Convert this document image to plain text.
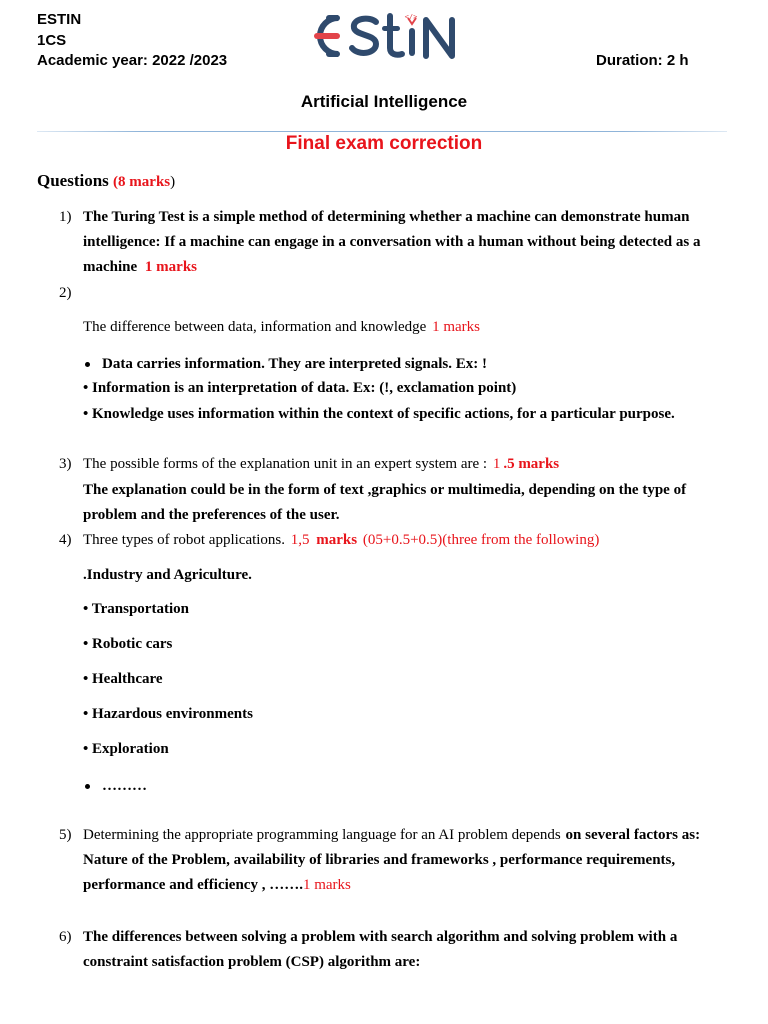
ESTIN
1CS
Academic year: 2022 /2023	Duration: 2 h
</>
Artificial Intelligence
Final exam correction
Questions (8 marks)
1) The Turing Test is a simple method of determining whether a machine can demonstrate human
intelligence: If a machine can engage in a conversation with a human without being detected as a
machine 1 marks
2)
The difference between data, information and knowledge 1 marks
Data carries information. They are interpreted signals. Ex: !
• Information is an interpretation of data. Ex: (!, exclamation point)
• Knowledge uses information within the context of specific actions, for a particular purpose.
3) The possible forms of the explanation unit in an expert system are : 1 .5 marks
The explanation could be in the form of text ,graphics or multimedia, depending on the type of
problem and the preferences of the user.
4) Three types of robot applications. 1,5 marks (05+0.5+0.5)(three from the following)
.Industry and Agriculture.
• Transportation
• Robotic cars
• Healthcare
• Hazardous environments
• Exploration
………
5) Determining the appropriate programming language for an AI problem depends on several factors as:
Nature of the Problem, availability of libraries and frameworks , performance requirements,
performance and efficiency , …….1 marks
6) The differences between solving a problem with search algorithm and solving problem with a
constraint satisfaction problem (CSP) algorithm are:
